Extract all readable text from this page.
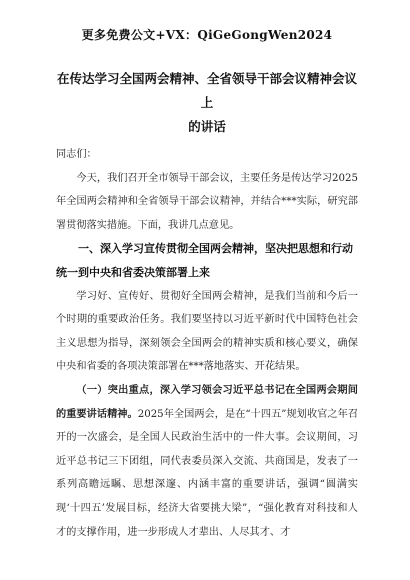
更多免费公文+VX：QiGeGongWen2024
在传达学习全国两会精神、全省领导干部会议精神会议上
的讲话
同志们：

今天，我们召开全市领导干部会议，主要任务是传达学习2025年全国两会精神和全省领导干部会议精神，并结合***实际，研究部署贯彻落实措施。下面，我讲几点意见。

一、深入学习宣传贯彻全国两会精神，坚决把思想和行动统一到中央和省委决策部署上来

学习好、宣传好、贯彻好全国两会精神，是我们当前和今后一个时期的重要政治任务。我们要坚持以习近平新时代中国特色社会主义思想为指导，深刻领会全国两会的精神实质和核心要义，确保中央和省委的各项决策部署在***落地落实、开花结果。

（一）突出重点，深入学习领会习近平总书记在全国两会期间的重要讲话精神。2025年全国两会，是在“十四五”规划收官之年召开的一次盛会，是全国人民政治生活中的一件大事。会议期间，习近平总书记三下团组，同代表委员深入交流、共商国是，发表了一系列高瞻远瞩、思想深邃、内涵丰富的重要讲话，强调“圆满实现‘十四五’发展目标，经济大省要挑大梁”，“强化教育对科技和人才的支撑作用，进一步形成人才辈出、人尽其才、才
